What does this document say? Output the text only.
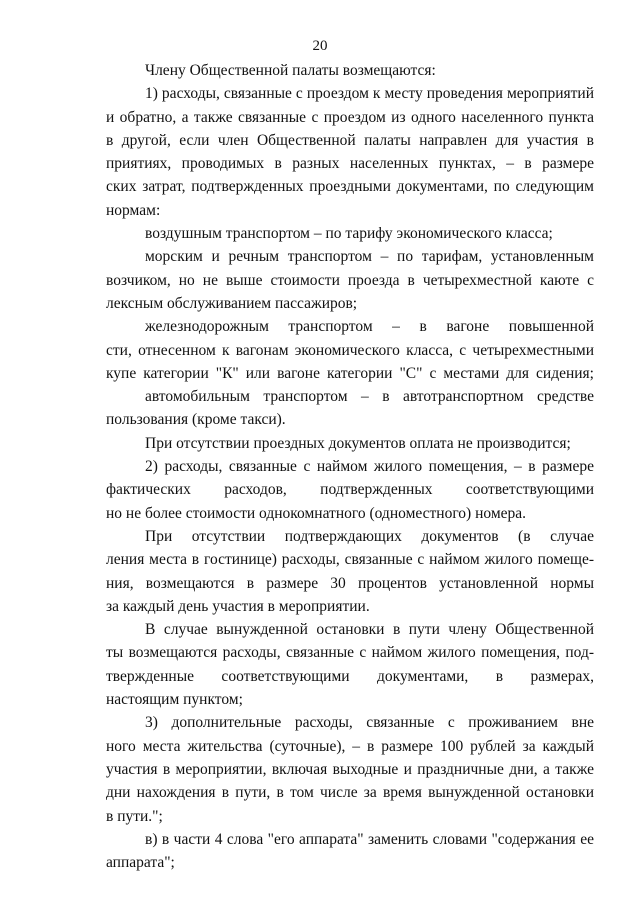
20
Члену Общественной палаты возмещаются:
1) расходы, связанные с проездом к месту проведения мероприятий
и обратно, а также связанные с проездом из одного населенного пункта
в другой, если член Общественной палаты направлен для участия в
приятиях, проводимых в разных населенных пунктах, – в размере
ских затрат, подтвержденных проездными документами, по следующим
нормам:
воздушным транспортом – по тарифу экономического класса;
морским и речным транспортом – по тарифам, установленным
возчиком, но не выше стоимости проезда в четырехместной каюте с
лексным обслуживанием пассажиров;
железнодорожным транспортом – в вагоне повышенной
сти, отнесенном к вагонам экономического класса, с четырехместными
купе категории "К" или вагоне категории "С" с местами для сидения;
автомобильным транспортом – в автотранспортном средстве
пользования (кроме такси).
При отсутствии проездных документов оплата не производится;
2) расходы, связанные с наймом жилого помещения, – в размере
фактических расходов, подтвержденных соответствующими
но не более стоимости однокомнатного (одноместного) номера.
При отсутствии подтверждающих документов (в случае
ления места в гостинице) расходы, связанные с наймом жилого помеще-
ния, возмещаются в размере 30 процентов установленной нормы
за каждый день участия в мероприятии.
В случае вынужденной остановки в пути члену Общественной
ты возмещаются расходы, связанные с наймом жилого помещения, под-
твержденные соответствующими документами, в размерах,
настоящим пунктом;
3) дополнительные расходы, связанные с проживанием вне
ного места жительства (суточные), – в размере 100 рублей за каждый
участия в мероприятии, включая выходные и праздничные дни, а также
дни нахождения в пути, в том числе за время вынужденной остановки
в пути.";
в) в части 4 слова "его аппарата" заменить словами "содержания ее
аппарата";
